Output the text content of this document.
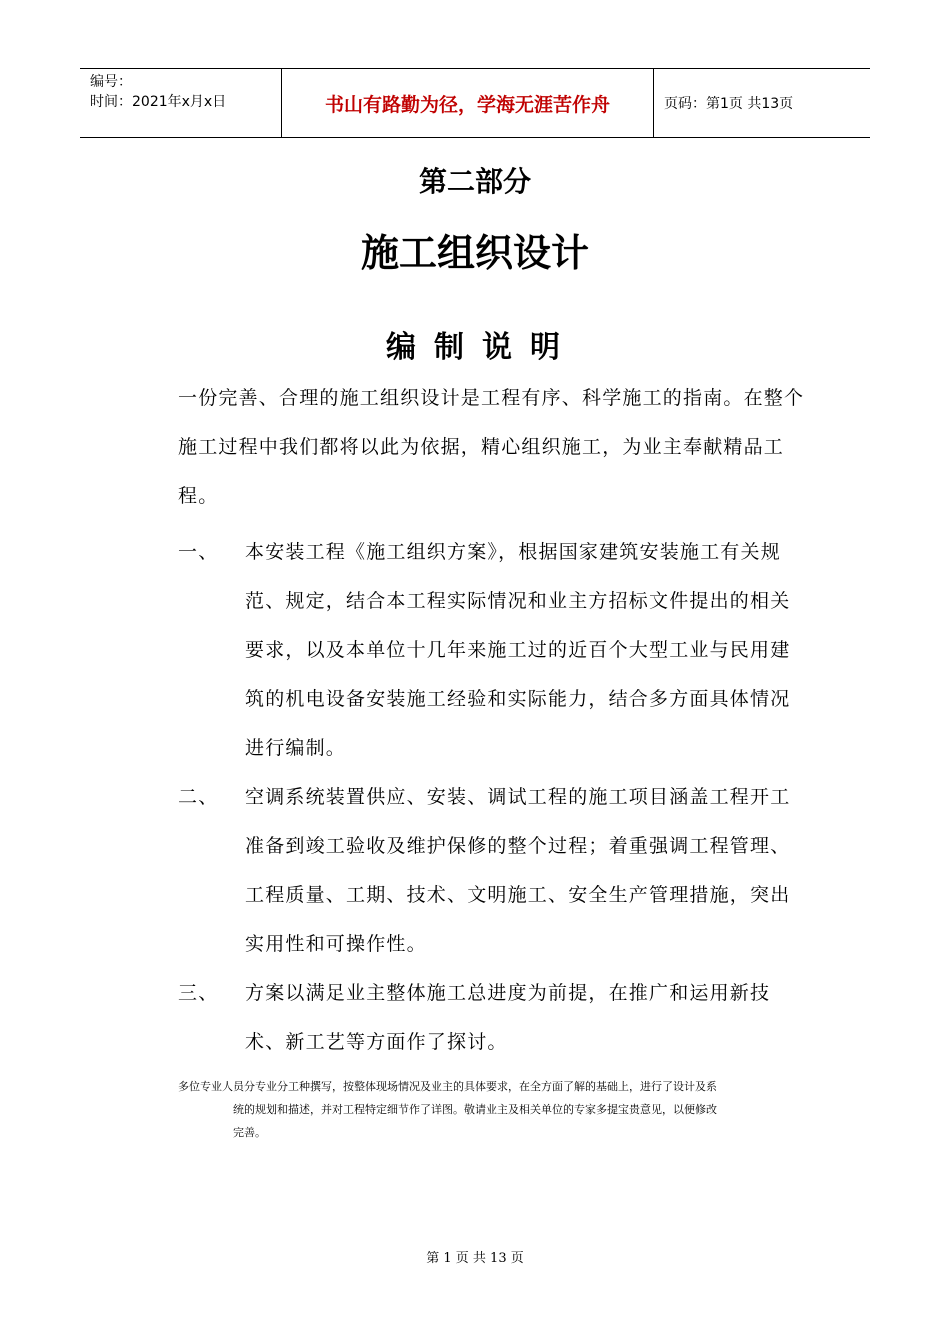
编号：
时间：2021年x月x日	书山有路勤为径，学海无涯苦作舟	页码：第1页 共13页
第二部分
施工组织设计
编制说明
一份完善、合理的施工组织设计是工程有序、科学施工的指南。在整个施工过程中我们都将以此为依据，精心组织施工，为业主奉献精品工程。
一、	本安装工程《施工组织方案》，根据国家建筑安装施工有关规范、规定，结合本工程实际情况和业主方招标文件提出的相关要求，以及本单位十几年来施工过的近百个大型工业与民用建筑的机电设备安装施工经验和实际能力，结合多方面具体情况进行编制。
二、	空调系统装置供应、安装、调试工程的施工项目涵盖工程开工准备到竣工验收及维护保修的整个过程；着重强调工程管理、工程质量、工期、技术、文明施工、安全生产管理措施，突出实用性和可操作性。
三、	方案以满足业主整体施工总进度为前提，在推广和运用新技术、新工艺等方面作了探讨。
多位专业人员分专业分工种撰写，按整体现场情况及业主的具体要求，在全方面了解的基础上，进行了设计及系
统的规划和描述，并对工程特定细节作了详图。敬请业主及相关单位的专家多提宝贵意见，以便修改
完善。
第 1 页 共 13 页
